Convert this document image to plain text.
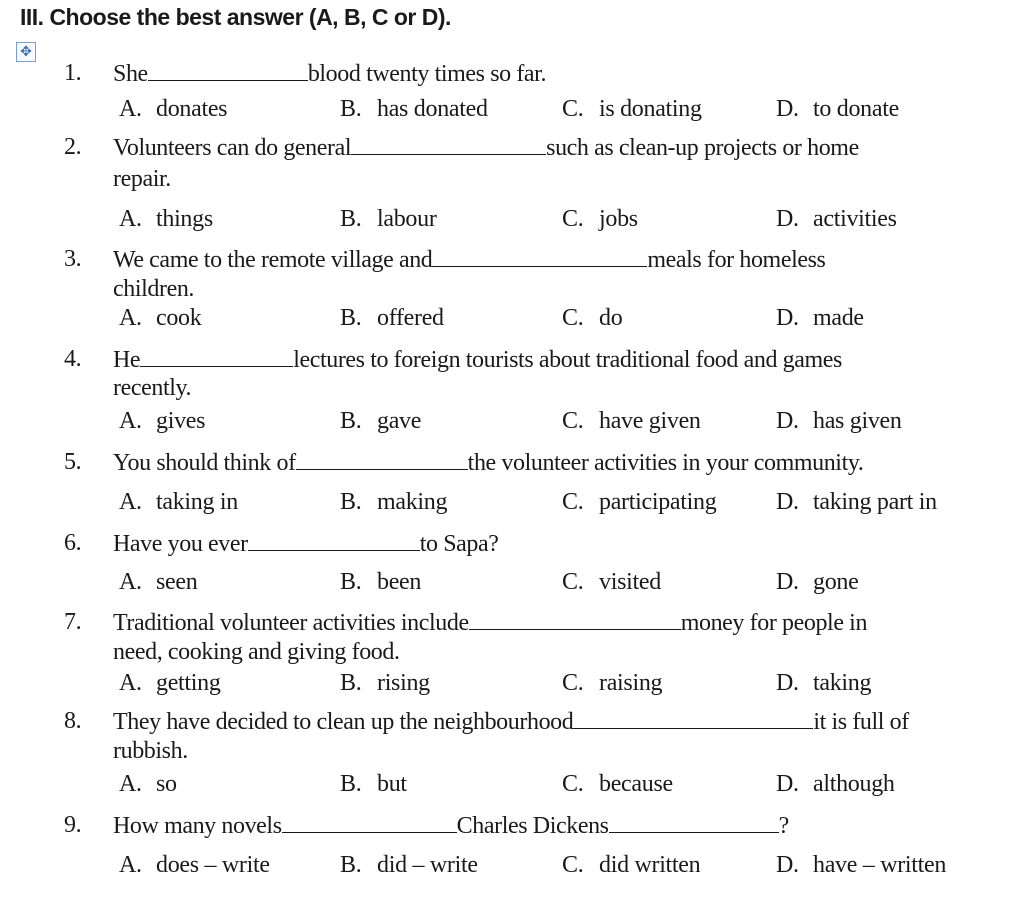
III. Choose the best answer (A, B, C or D).
✥
1. She	blood twenty times so far.
A. donates	B. has donated	C. is donating	D. to donate
2. Volunteers can do general	such as clean-up projects or home
repair.
A. things	B. labour	C. jobs	D. activities
3. We came to the remote village and	meals for homeless
children.
A. cook	B. offered	C. do	D. made
4. He	lectures to foreign tourists about traditional food and games
recently.
A. gives	B. gave	C. have given	D. has given
5. You should think of	the volunteer activities in your community.
A. taking in	B. making	C. participating D. taking part in
6. Have you ever	to Sapa?
A. seen	B. been	C. visited	D. gone
7. Traditional volunteer activities include	money for people in
need, cooking and giving food.
A. getting	B. rising	C. raising	D. taking
8. They have decided to clean up the neighbourhood	it is full of
rubbish.
A. so	B. but	C. because	D. although
9. How many novels	Charles Dickens	?
A. does – write	B. did – write	C. did written	D. have – written
